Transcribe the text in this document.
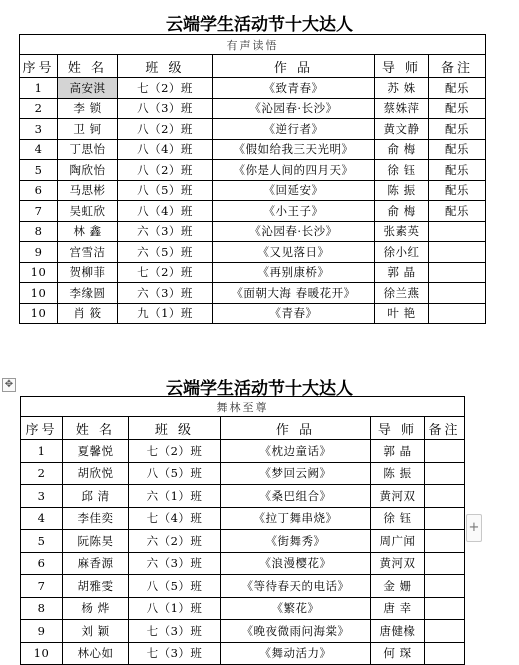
云端学生活动节十大达人
有声读悟					
序号	姓 名	班 级	作 品	导 师	备注
1	高安淇	七（2）班	《致青春》	苏 姝	配乐
2	李 锁	八（3）班	《沁园春·长沙》	蔡姝萍	配乐
3	卫 钶	八（2）班	《逆行者》	黄文静	配乐
4	丁思怡	八（4）班	《假如给我三天光明》	俞 梅	配乐
5	陶欣怡	八（2）班	《你是人间的四月天》	徐 钰	配乐
6	马思彬	八（5）班	《回延安》	陈 振	配乐
7	吴虹欣	八（4）班	《小王子》	俞 梅	配乐
8	林 鑫	六（3）班	《沁园春·长沙》	张素英	
9	宫雪洁	六（5）班	《又见落日》	徐小红	
10	贺柳菲	七（2）班	《再别康桥》	郭 晶	
10	李缘圆	六（3）班	《面朝大海 春暖花开》	徐兰燕	
10	肖 筱	九（1）班	《青春》	叶 艳	
✥	云端学生活动节十大达人
舞林至尊					
序号	姓 名	班 级	作 品	导 师	备注
1	夏馨悦	七（2）班	《枕边童话》	郭 晶	
2	胡欣悦	八（5）班	《梦回云阙》	陈 振	
3	邱 清	六（1）班	《桑巴组合》	黄河双	
4	李佳奕	七（4）班	《拉丁舞串烧》	徐 钰	
5	阮陈昊	六（2）班	《街舞秀》	周广闻	
6	麻香源	六（3）班	《浪漫樱花》	黄河双	
7	胡雅雯	八（5）班	《等待春天的电话》	金 姗	
8	杨 烨	八（1）班	《繁花》	唐 幸	
9	刘 颖	七（3）班	《晚夜微雨问海棠》	唐健椽	
10	林心如	七（3）班	《舞动活力》	何 琛	
+
